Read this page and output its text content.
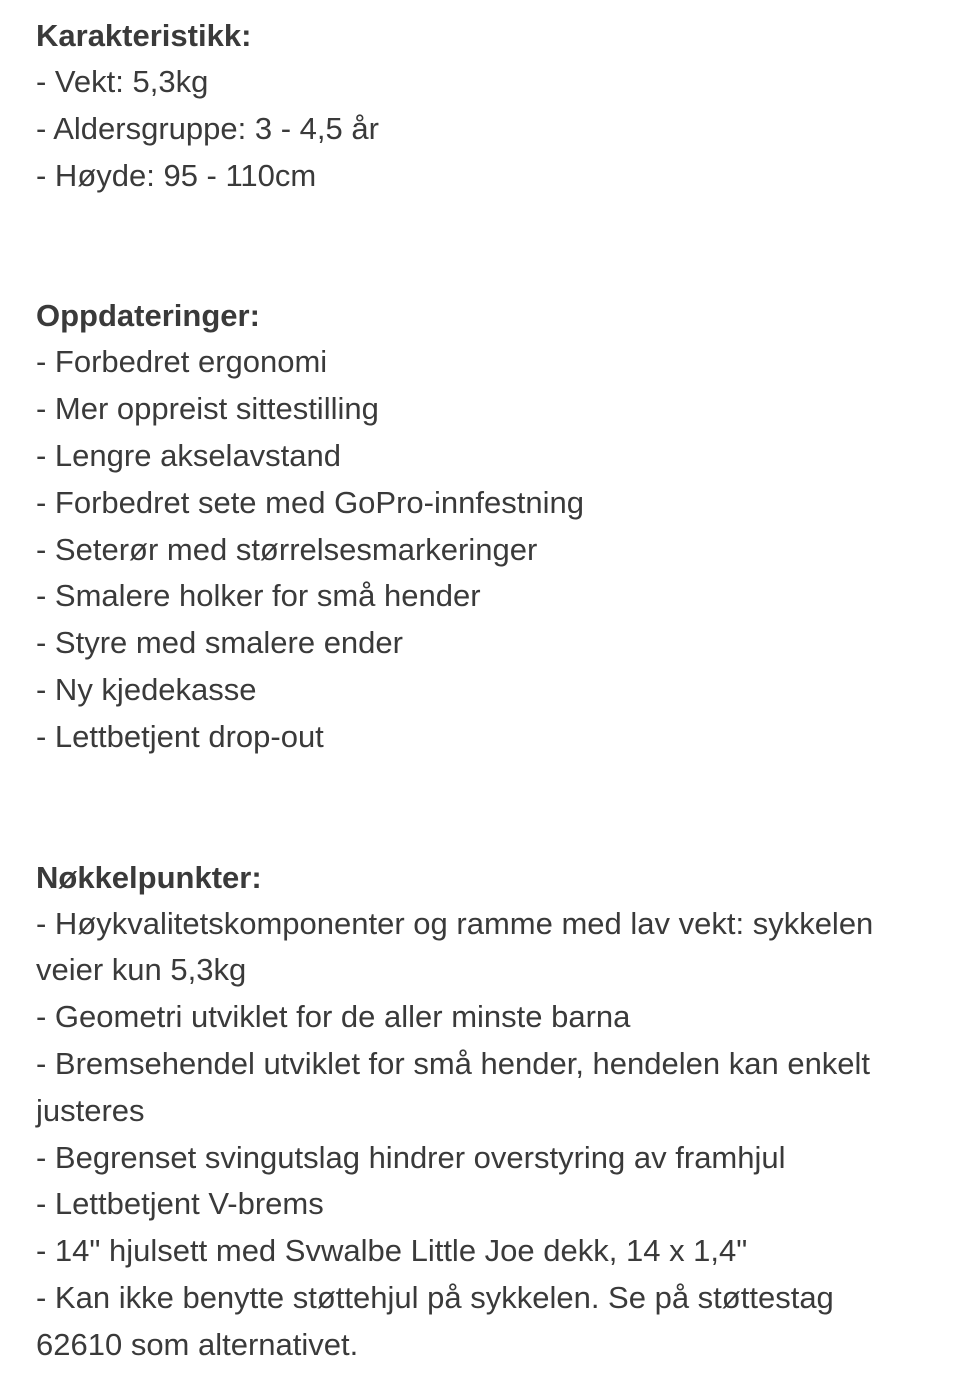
Karakteristikk:

- Vekt: 5,3kg

- Aldersgruppe: 3 - 4,5 år

- Høyde: 95 - 110cm

Oppdateringer:

- Forbedret ergonomi

- Mer oppreist sittestilling

- Lengre akselavstand

- Forbedret sete med GoPro-innfestning

- Seterør med størrelsesmarkeringer

- Smalere holker for små hender

- Styre med smalere ender

- Ny kjedekasse

- Lettbetjent drop-out

Nøkkelpunkter:

- Høykvalitetskomponenter og ramme med lav vekt: sykkelen

veier kun 5,3kg

- Geometri utviklet for de aller minste barna

- Bremsehendel utviklet for små hender, hendelen kan enkelt

justeres

- Begrenset svingutslag hindrer overstyring av framhjul

- Lettbetjent V-brems

- 14" hjulsett med Svwalbe Little Joe dekk, 14 x 1,4"

- Kan ikke benytte støttehjul på sykkelen. Se på støttestag

62610 som alternativet.
